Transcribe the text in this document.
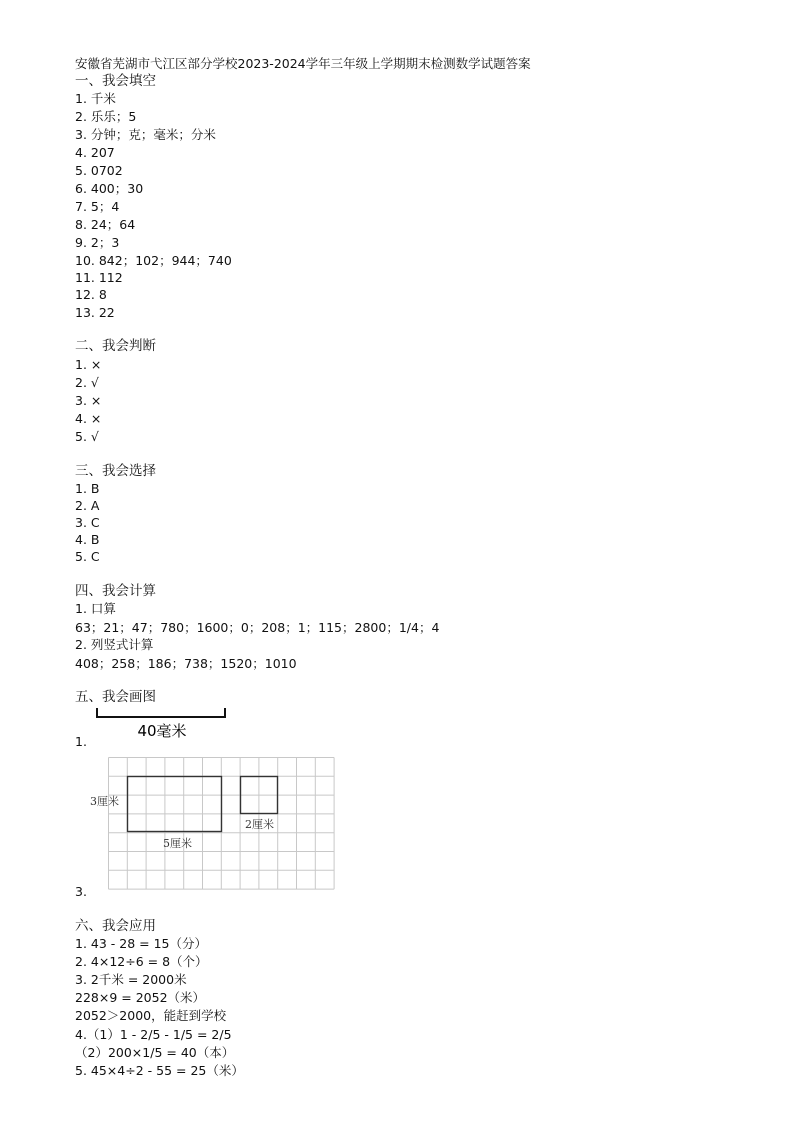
安徽省芜湖市弋江区部分学校2023-2024学年三年级上学期期末检测数学试题答案
一、我会填空
1. 千米
2. 乐乐；5
3. 分钟；克；毫米；分米
4. 207
5. 0702
6. 400；30
7. 5；4
8. 24；64
9. 2；3
10. 842；102；944；740
11. 112
12. 8
13. 22
二、我会判断
1. ×
2. √
3. ×
4. ×
5. √
三、我会选择
1. B
2. A
3. C
4. B
5. C
四、我会计算
1. 口算
63；21；47；780；1600；0；208；1；115；2800；1/4；4
2. 列竖式计算
408；258；186；738；1520；1010
五、我会画图
40毫米
1.
3厘米
5厘米
2厘米
3.
六、我会应用
1. 43 - 28 = 15（分）
2. 4×12÷6 = 8（个）
3. 2千米 = 2000米
228×9 = 2052（米）
2052＞2000，能赶到学校
4.（1）1 - 2/5 - 1/5 = 2/5
（2）200×1/5 = 40（本）
5. 45×4÷2 - 55 = 25（米）
